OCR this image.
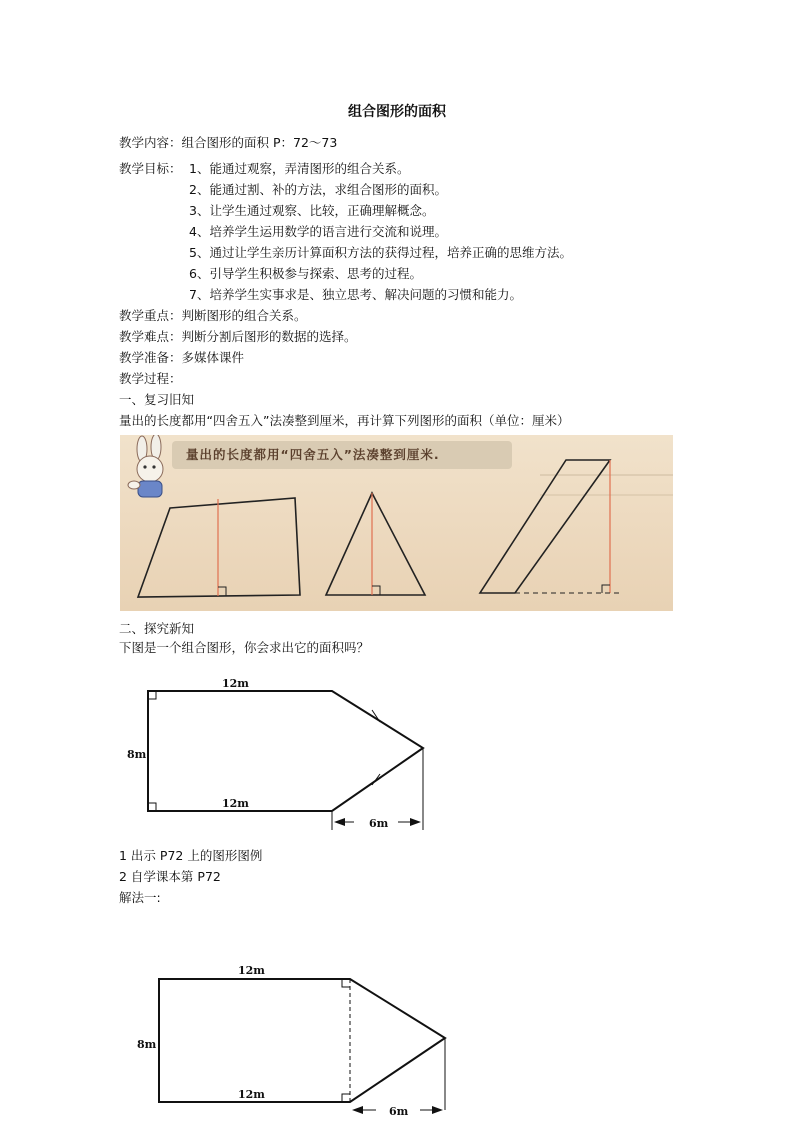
组合图形的面积
教学内容：组合图形的面积 P：72～73
教学目标： 1、能通过观察，弄清图形的组合关系。
2、能通过割、补的方法，求组合图形的面积。
3、让学生通过观察、比较，正确理解概念。
4、培养学生运用数学的语言进行交流和说理。
5、通过让学生亲历计算面积方法的获得过程，培养正确的思维方法。
6、引导学生积极参与探索、思考的过程。
7、培养学生实事求是、独立思考、解决问题的习惯和能力。
教学重点：判断图形的组合关系。
教学难点：判断分割后图形的数据的选择。
教学准备：多媒体课件
教学过程：
一、复习旧知
量出的长度都用“四舍五入”法凑整到厘米，再计算下列图形的面积（单位：厘米）
量出的长度都用“四舍五入”法凑整到厘米.
二、探究新知
下图是一个组合图形，你会求出它的面积吗？
12m
12m
8m
6m
1 出示 P72 上的图形图例
2 自学课本第 P72
解法一:
12m
12m
8m
6m
